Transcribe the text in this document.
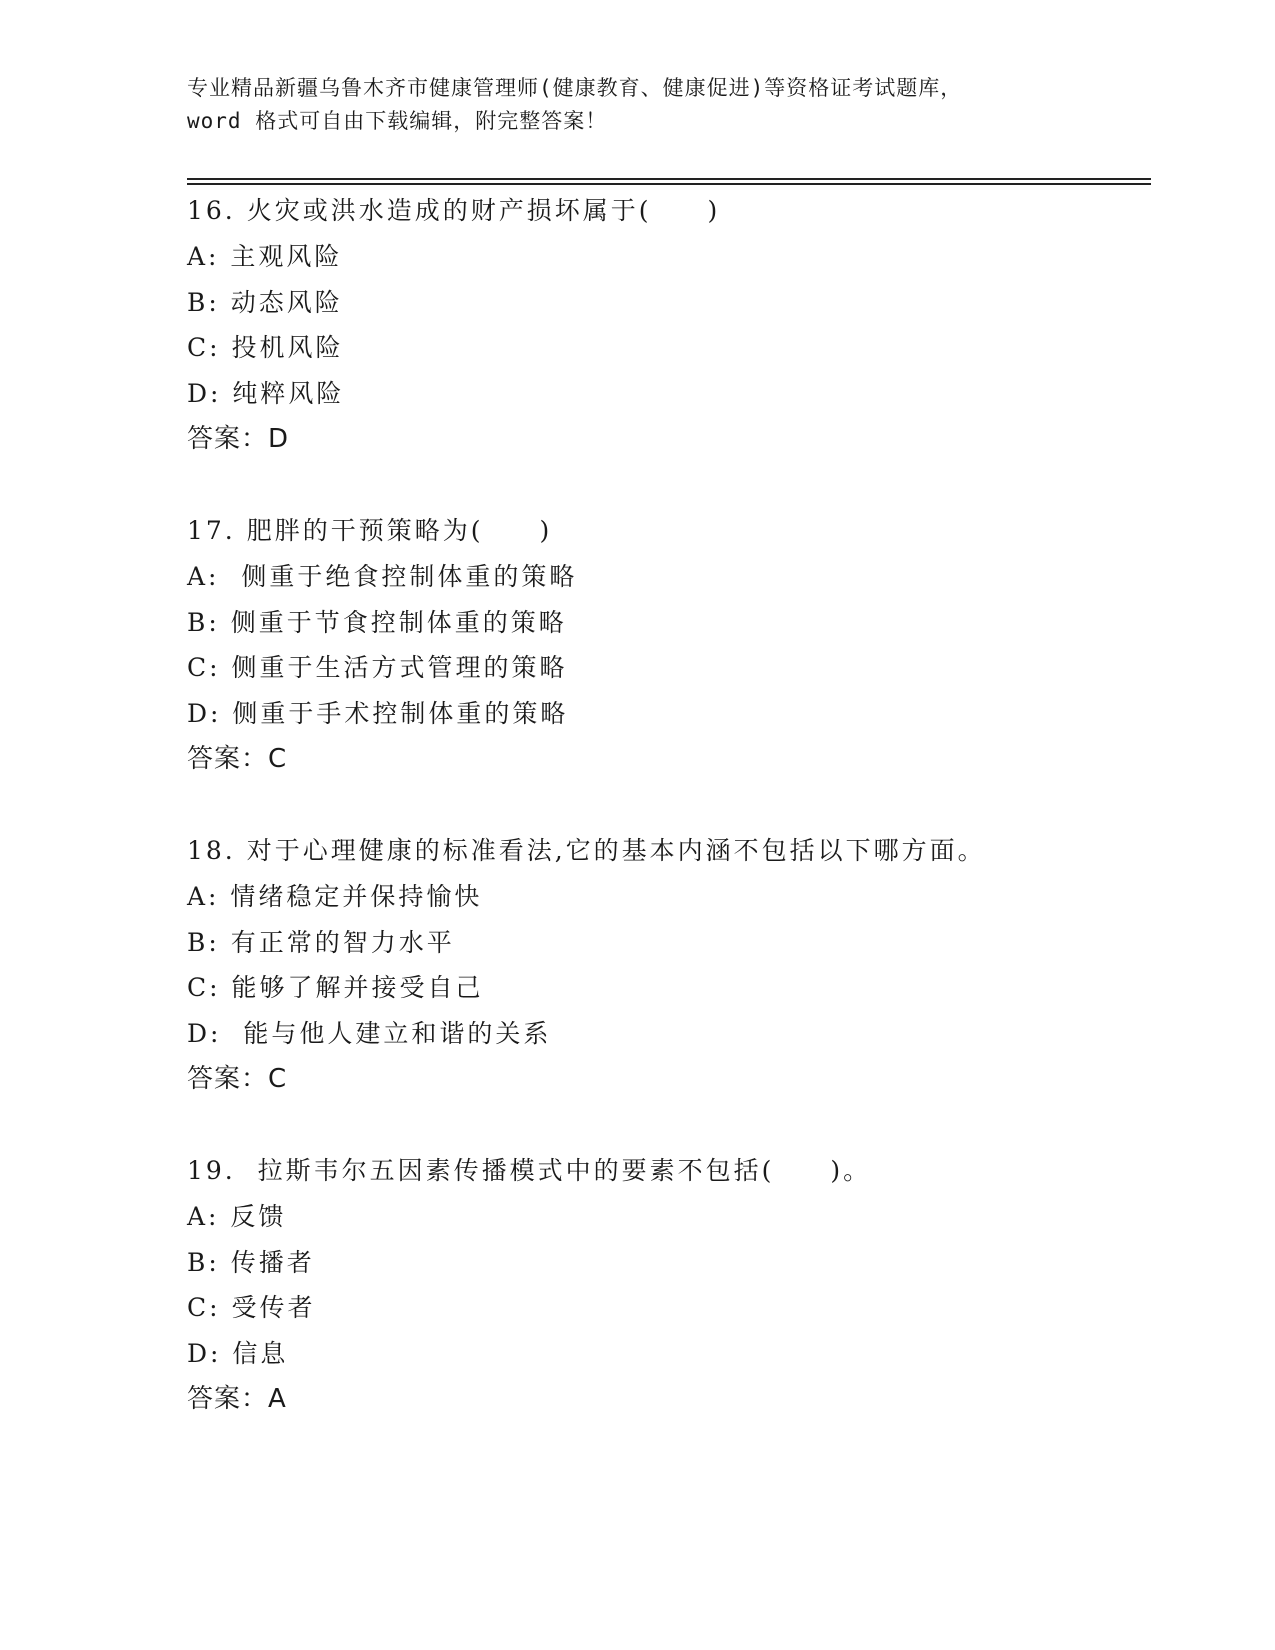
专业精品新疆乌鲁木齐市健康管理师(健康教育、健康促进)等资格证考试题库，
word 格式可自由下载编辑，附完整答案！
16. 火灾或洪水造成的财产损坏属于(　　)
A: 主观风险
B: 动态风险
C: 投机风险
D: 纯粹风险
答案：D
17. 肥胖的干预策略为(　　)
A:  侧重于绝食控制体重的策略
B: 侧重于节食控制体重的策略
C: 侧重于生活方式管理的策略
D: 侧重于手术控制体重的策略
答案：C
18. 对于心理健康的标准看法,它的基本内涵不包括以下哪方面。
A: 情绪稳定并保持愉快
B: 有正常的智力水平
C: 能够了解并接受自己
D:  能与他人建立和谐的关系
答案：C
19.  拉斯韦尔五因素传播模式中的要素不包括(　　)。
A: 反馈
B: 传播者
C: 受传者
D: 信息
答案：A
